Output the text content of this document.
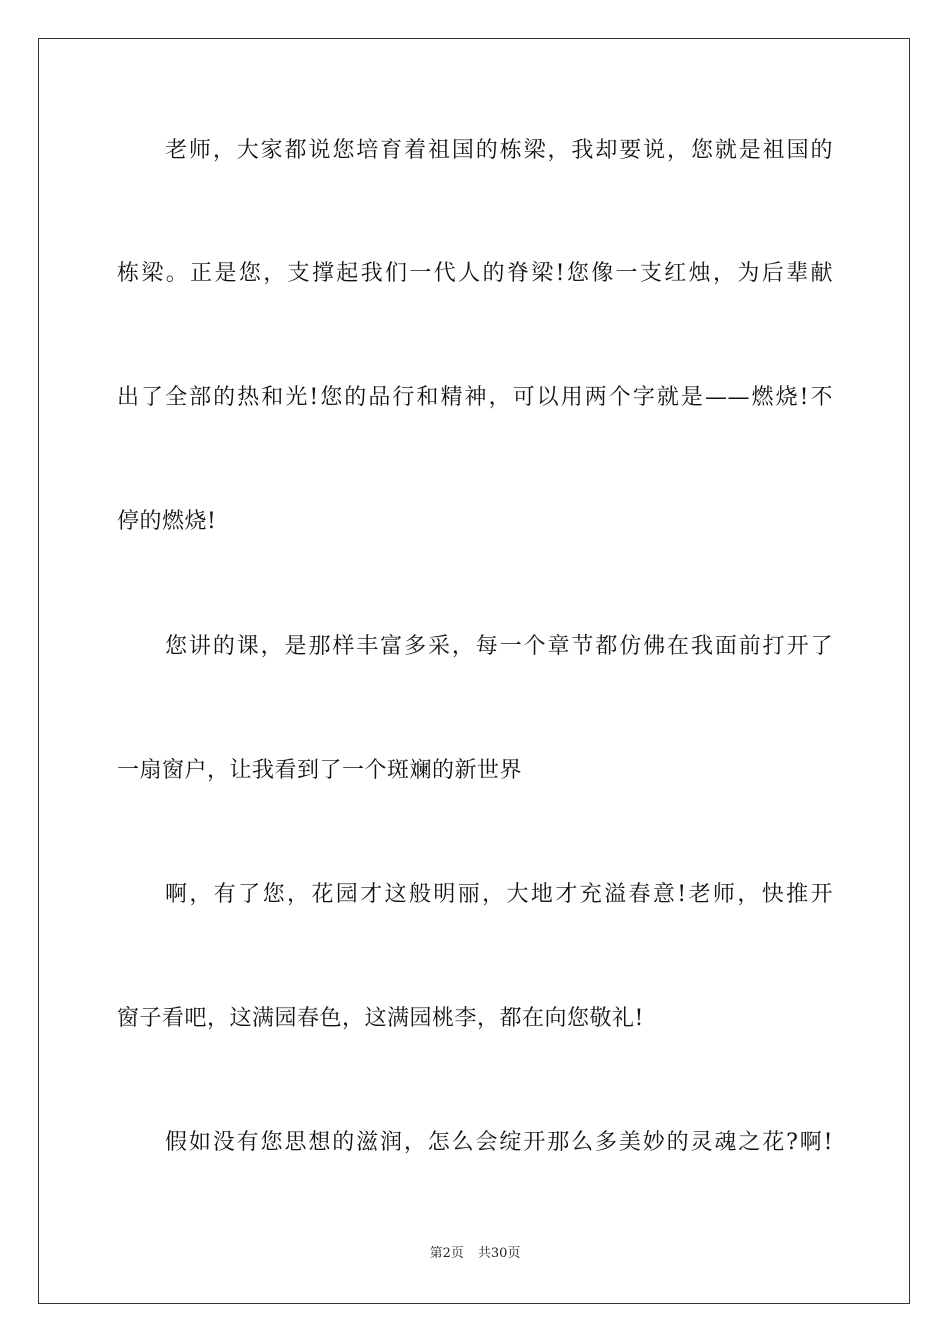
老师，大家都说您培育着祖国的栋梁，我却要说，您就是祖国的
栋梁。正是您，支撑起我们一代人的脊梁!您像一支红烛，为后辈献
出了全部的热和光!您的品行和精神，可以用两个字就是——燃烧!不
停的燃烧!
您讲的课，是那样丰富多采，每一个章节都仿佛在我面前打开了
一扇窗户，让我看到了一个斑斓的新世界
啊，有了您，花园才这般明丽，大地才充溢春意!老师，快推开
窗子看吧，这满园春色，这满园桃李，都在向您敬礼!
假如没有您思想的滋润，怎么会绽开那么多美妙的灵魂之花?啊!
第2页 共30页
